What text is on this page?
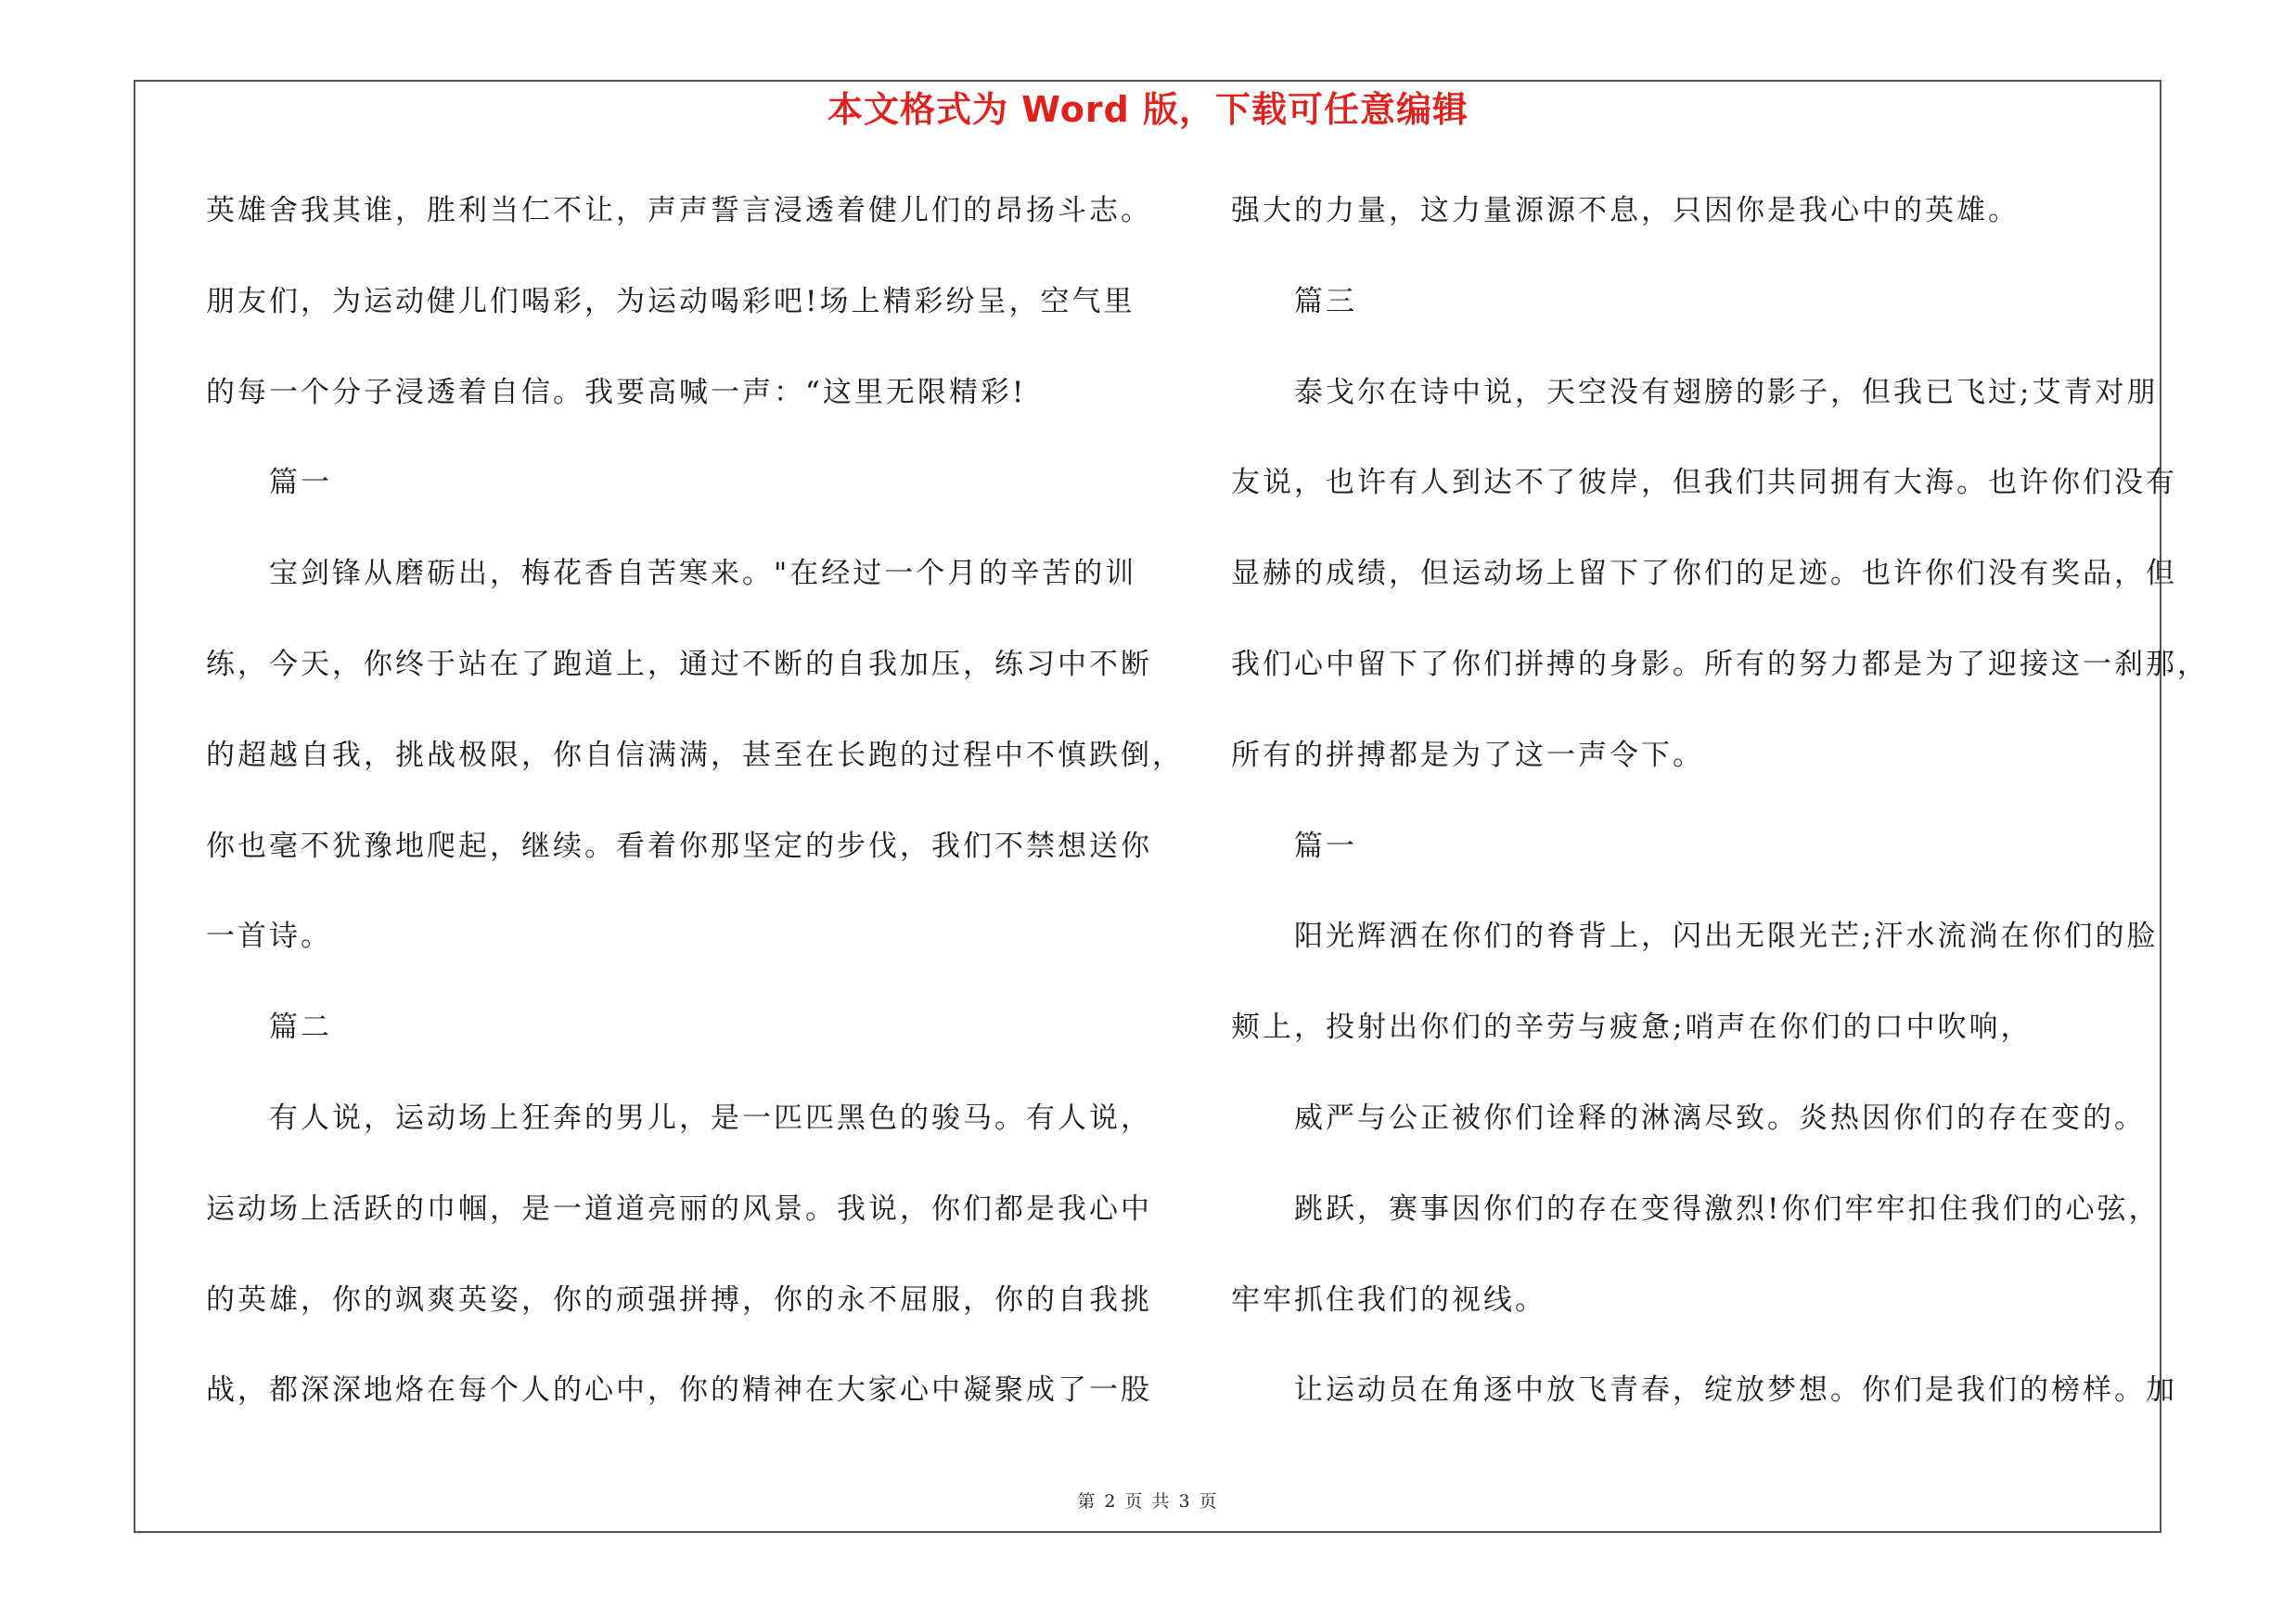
本文格式为 Word 版，下载可任意编辑
英雄舍我其谁，胜利当仁不让，声声誓言浸透着健儿们的昂扬斗志。
朋友们，为运动健儿们喝彩，为运动喝彩吧!场上精彩纷呈，空气里
的每一个分子浸透着自信。我要高喊一声：“这里无限精彩!
篇一
宝剑锋从磨砺出，梅花香自苦寒来。"在经过一个月的辛苦的训
练，今天，你终于站在了跑道上，通过不断的自我加压，练习中不断
的超越自我，挑战极限，你自信满满，甚至在长跑的过程中不慎跌倒，
你也毫不犹豫地爬起，继续。看着你那坚定的步伐，我们不禁想送你
一首诗。
篇二
有人说，运动场上狂奔的男儿，是一匹匹黑色的骏马。有人说，
运动场上活跃的巾帼，是一道道亮丽的风景。我说，你们都是我心中
的英雄，你的飒爽英姿，你的顽强拼搏，你的永不屈服，你的自我挑
战，都深深地烙在每个人的心中，你的精神在大家心中凝聚成了一股
强大的力量，这力量源源不息，只因你是我心中的英雄。
篇三
泰戈尔在诗中说，天空没有翅膀的影子，但我已飞过;艾青对朋
友说，也许有人到达不了彼岸，但我们共同拥有大海。也许你们没有
显赫的成绩，但运动场上留下了你们的足迹。也许你们没有奖品，但
我们心中留下了你们拼搏的身影。所有的努力都是为了迎接这一刹那，
所有的拼搏都是为了这一声令下。
篇一
阳光辉洒在你们的脊背上，闪出无限光芒;汗水流淌在你们的脸
颊上，投射出你们的辛劳与疲惫;哨声在你们的口中吹响，
威严与公正被你们诠释的淋漓尽致。炎热因你们的存在变的。
跳跃，赛事因你们的存在变得激烈!你们牢牢扣住我们的心弦，
牢牢抓住我们的视线。
让运动员在角逐中放飞青春，绽放梦想。你们是我们的榜样。加
第 2 页 共 3 页
